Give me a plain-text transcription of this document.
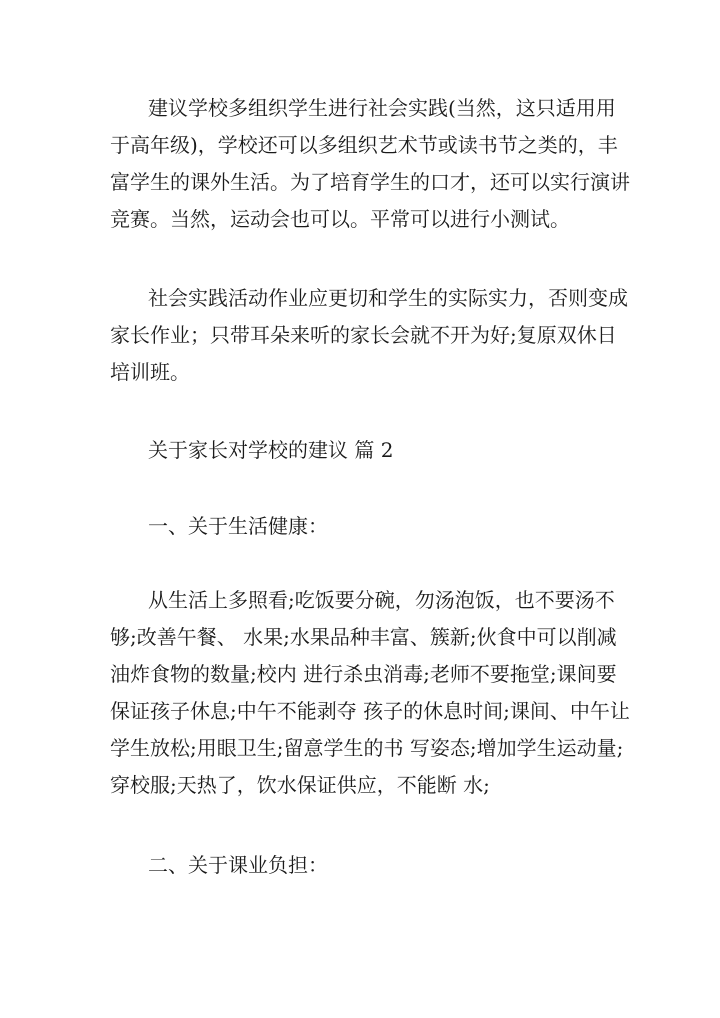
建议学校多组织学生进行社会实践(当然，这只适用用
于高年级)，学校还可以多组织艺术节或读书节之类的，丰
富学生的课外生活。为了培育学生的口才，还可以实行演讲
竞赛。当然，运动会也可以。平常可以进行小测试。
社会实践活动作业应更切和学生的实际实力，否则变成
家长作业；只带耳朵来听的家长会就不开为好;复原双休日
培训班。
关于家长对学校的建议 篇 2
一、关于生活健康：
从生活上多照看;吃饭要分碗，勿汤泡饭，也不要汤不
够;改善午餐、 水果;水果品种丰富、簇新;伙食中可以削减
油炸食物的数量;校内 进行杀虫消毒;老师不要拖堂;课间要
保证孩子休息;中午不能剥夺 孩子的休息时间;课间、中午让
学生放松;用眼卫生;留意学生的书 写姿态;增加学生运动量;
穿校服;天热了，饮水保证供应，不能断 水;
二、关于课业负担：
